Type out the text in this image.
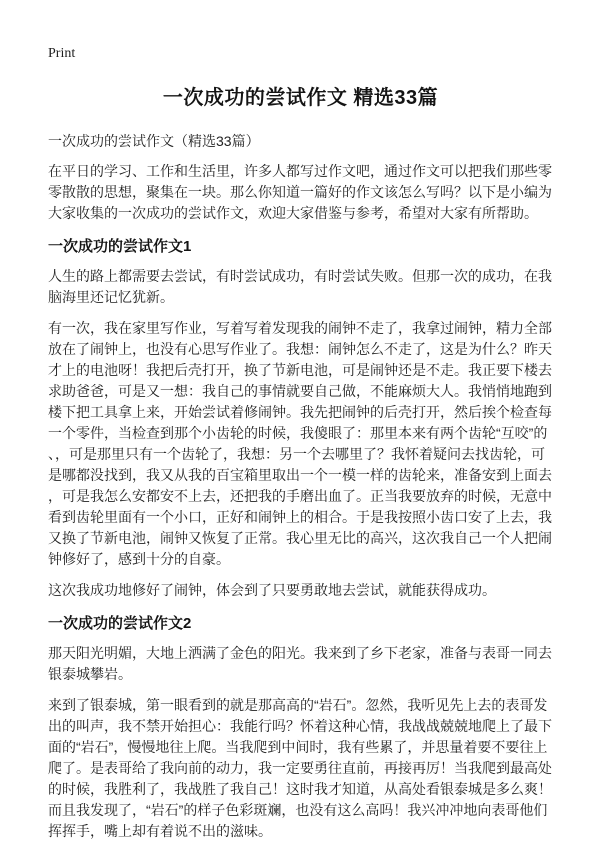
Print
一次成功的尝试作文 精选33篇

一次成功的尝试作文（精选33篇）

在平日的学习、工作和生活里，许多人都写过作文吧，通过作文可以把我们那些零零散散的思想，聚集在一块。那么你知道一篇好的作文该怎么写吗？以下是小编为大家收集的一次成功的尝试作文，欢迎大家借鉴与参考，希望对大家有所帮助。

一次成功的尝试作文1

人生的路上都需要去尝试，有时尝试成功，有时尝试失败。但那一次的成功，在我脑海里还记忆犹新。

有一次，我在家里写作业，写着写着发现我的闹钟不走了，我拿过闹钟，精力全部放在了闹钟上，也没有心思写作业了。我想：闹钟怎么不走了，这是为什么？昨天才上的电池呀！我把后壳打开，换了节新电池，可是闹钟还是不走。我正要下楼去求助爸爸，可是又一想：我自己的事情就要自己做，不能麻烦大人。我悄悄地跑到楼下把工具拿上来，开始尝试着修闹钟。我先把闹钟的后壳打开，然后挨个检查每一个零件，当检查到那个小齿轮的时候，我傻眼了：那里本来有两个齿轮“互咬”的、，可是那里只有一个齿轮了，我想：另一个去哪里了？我怀着疑问去找齿轮，可是哪都没找到，我又从我的百宝箱里取出一个一模一样的齿轮来，准备安到上面去，可是我怎么安都安不上去，还把我的手磨出血了。正当我要放弃的时候，无意中看到齿轮里面有一个小口，正好和闹钟上的相合。于是我按照小齿口安了上去，我又换了节新电池，闹钟又恢复了正常。我心里无比的高兴，这次我自己一个人把闹钟修好了，感到十分的自豪。

这次我成功地修好了闹钟，体会到了只要勇敢地去尝试，就能获得成功。

一次成功的尝试作文2

那天阳光明媚，大地上洒满了金色的阳光。我来到了乡下老家，准备与表哥一同去银泰城攀岩。

来到了银泰城，第一眼看到的就是那高高的“岩石”。忽然，我听见先上去的表哥发出的叫声，我不禁开始担心：我能行吗？怀着这种心情，我战战兢兢地爬上了最下面的“岩石”，慢慢地往上爬。当我爬到中间时，我有些累了，并思量着要不要往上爬了。是表哥给了我向前的动力，我一定要勇往直前，再接再厉！当我爬到最高处的时候，我胜利了，我战胜了我自己！这时我才知道，从高处看银泰城是多么爽！而且我发现了，“岩石”的样子色彩斑斓，也没有这么高吗！我兴冲冲地向表哥他们挥挥手，嘴上却有着说不出的滋味。
